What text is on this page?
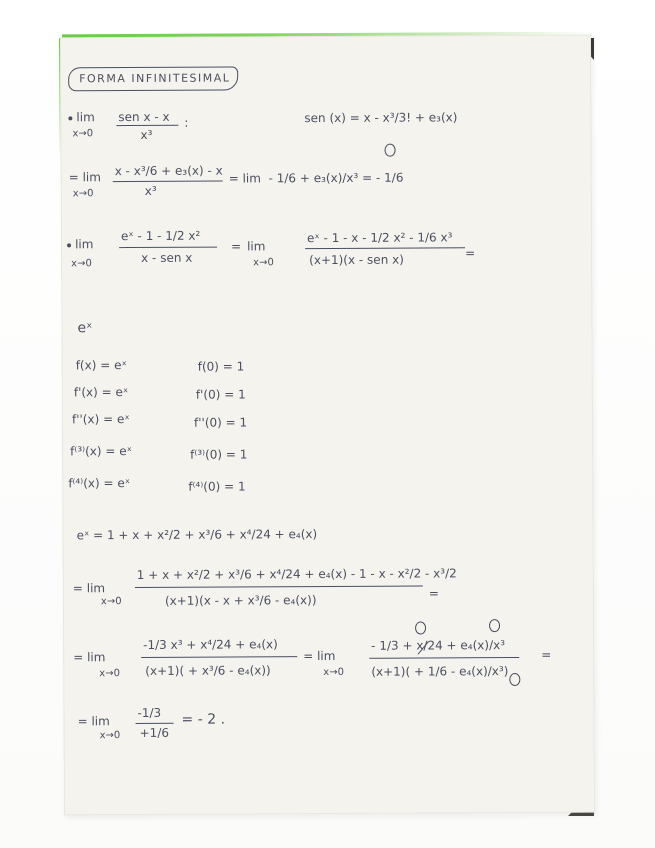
FORMA INFINITESIMAL
lim
x→0
sen x - x
x³
:	sen (x) = x - x³/3! + e₃(x)
= lim
x→0
x - x³/6 + e₃(x) - x
x³
= lim  - 1/6 + e₃(x)/x³ = - 1/6
lim
x→0
eˣ - 1 - 1/2 x²
x - sen x
= lim
x→0
eˣ - 1 - x - 1/2 x² - 1/6 x³
(x+1)(x - sen x)	=
eˣ
f(x) = eˣ	f(0) = 1
f'(x) = eˣ	f'(0) = 1
f''(x) = eˣ	f''(0) = 1
f⁽³⁾(x) = eˣ	f⁽³⁾(0) = 1
f⁽⁴⁾(x) = eˣ	f⁽⁴⁾(0) = 1
eˣ = 1 + x + x²/2 + x³/6 + x⁴/24 + e₄(x)
= lim
x→0
1 + x + x²/2 + x³/6 + x⁴/24 + e₄(x) - 1 - x - x²/2 - x³/2
(x+1)(x - x + x³/6 - e₄(x))	=
= lim
x→0
-1/3 x³ + x⁴/24 + e₄(x)
(x+1)( + x³/6 - e₄(x))
= lim
x→0
- 1/3 + x/24 + e₄(x)/x³
(x+1)( + 1/6 - e₄(x)/x³)
=
= lim
x→0
-1/3
+1/6
= - 2 .
